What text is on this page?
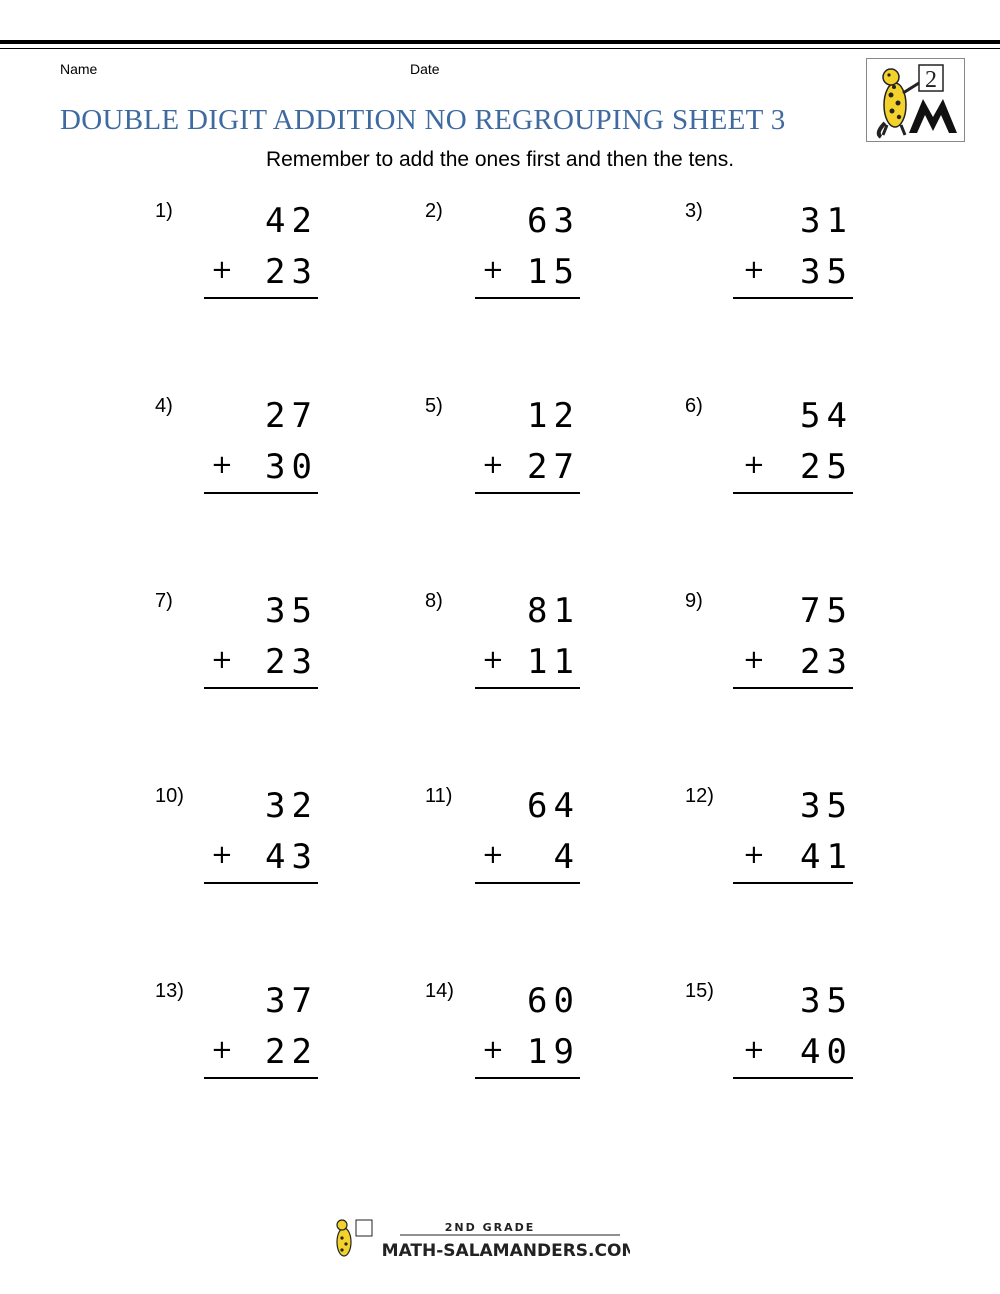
Name	Date
DOUBLE DIGIT ADDITION NO REGROUPING SHEET 3
Remember to add the ones first and then the tens.
2
1)	42
+ 23
2) 63
+ 15
3)	31
+ 35
4)	27
+ 30
5) 12
+ 27
6)	54
+ 25
7)	35
+ 23
8) 81
+ 11
9)	75
+ 23
10) 32
+ 43
11) 64
+  4
12)	35
+ 41
13) 37
+ 22
14) 60
+ 19
15)	35
+ 40
2ND GRADE
MATH-SALAMANDERS.COM
